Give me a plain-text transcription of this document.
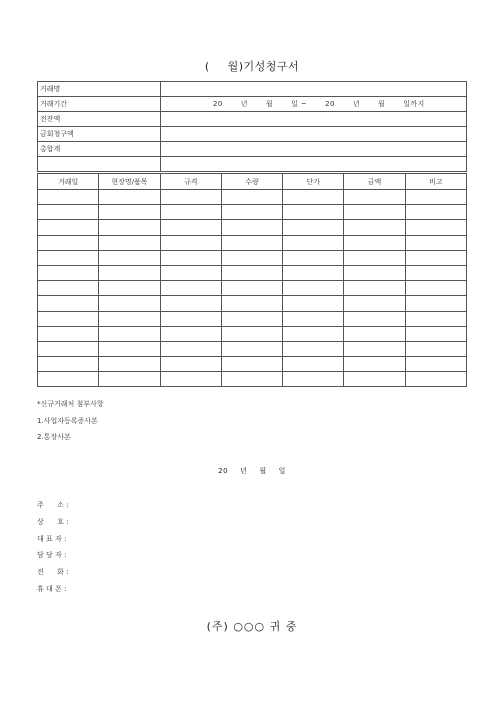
( 월)기성청구서
거래명	
거래기간	20 년 월 일 ~ 20 년 월 일까지
전잔액	
금회청구액	
총합계	

거래일	현장명/품목	규격	수량	단가	금액	비고

*신규거래처 첨부사항
1.사업자등록증사본
2.통장사본
20 년 월 일
주      소 :
상      호 :
대 표 자 :
담 당 자 :
전      화 :
휴 대 폰 :
(주) ○○○ 귀 중
